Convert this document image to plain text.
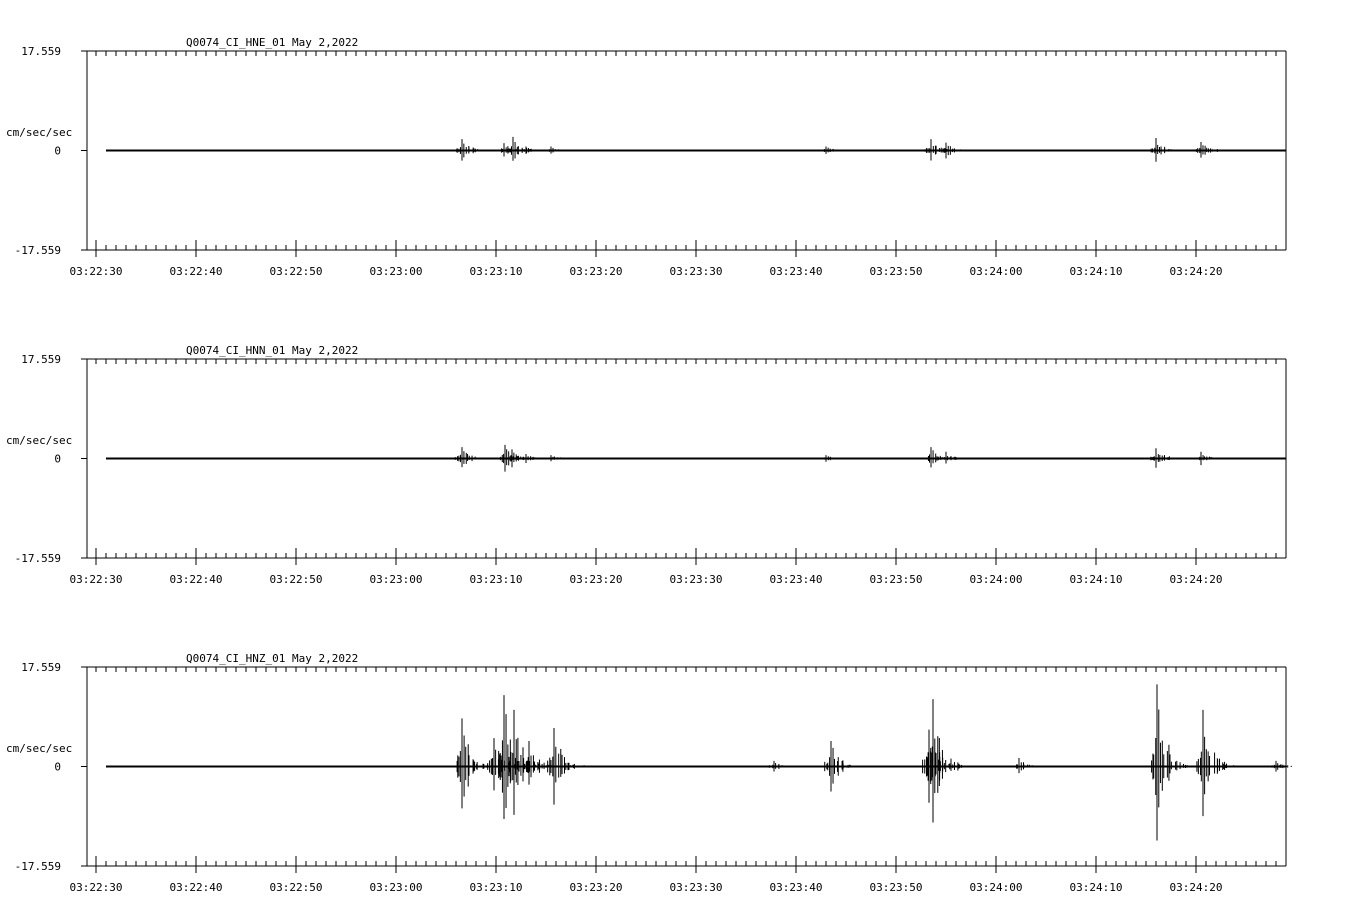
Q0074_CI_HNE_01 May 2,2022
17.559
0
-17.559
cm/sec/sec
03:22:30	03:22:40	03:22:50	03:23:00	03:23:10	03:23:20	03:23:30	03:23:40	03:23:50	03:24:00	03:24:10	03:24:20
Q0074_CI_HNN_01 May 2,2022
17.559
0
-17.559
cm/sec/sec
03:22:30	03:22:40	03:22:50	03:23:00	03:23:10	03:23:20	03:23:30	03:23:40	03:23:50	03:24:00	03:24:10	03:24:20
Q0074_CI_HNZ_01 May 2,2022
17.559
0
-17.559
cm/sec/sec
03:22:30	03:22:40	03:22:50	03:23:00	03:23:10	03:23:20	03:23:30	03:23:40	03:23:50	03:24:00	03:24:10	03:24:20
